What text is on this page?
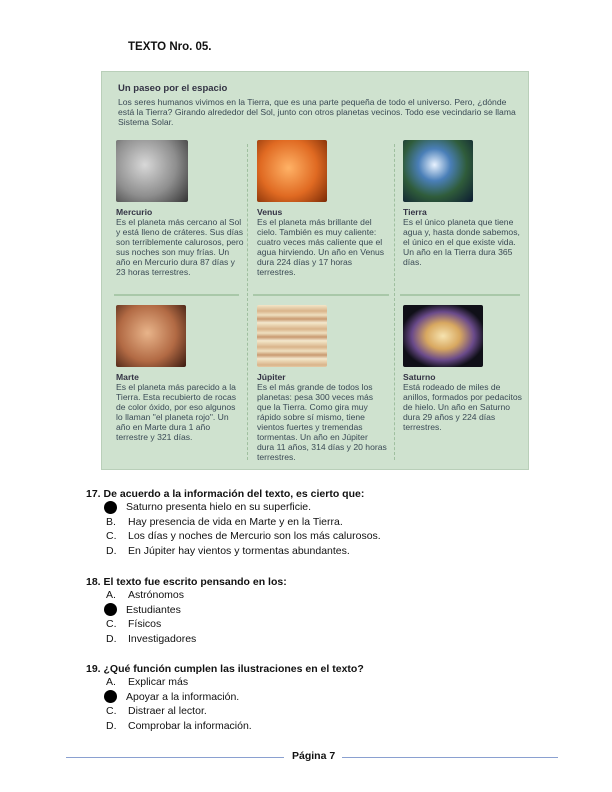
TEXTO Nro. 05.
Un paseo por el espacio
Los seres humanos vivimos en la Tierra, que es una parte pequeña de todo el universo. Pero, ¿dónde está la Tierra? Girando alrededor del Sol, junto con otros planetas vecinos. Todo ese vecindario se llama Sistema Solar.
Mercurio
Es el planeta más cercano al Sol y está lleno de cráteres. Sus días son terriblemente calurosos, pero sus noches son muy frías. Un año en Mercurio dura 87 días y 23 horas terrestres.
Venus
Es el planeta más brillante del cielo. También es muy caliente: cuatro veces más caliente que el agua hirviendo. Un año en Venus dura 224 días y 17 horas terrestres.
Tierra
Es el único planeta que tiene agua y, hasta donde sabemos, el único en el que existe vida. Un año en la Tierra dura 365 días.
Marte
Es el planeta más parecido a la Tierra. Esta recubierto de rocas de color óxido, por eso algunos lo llaman "el planeta rojo". Un año en Marte dura 1 año terrestre y 321 días.
Júpiter
Es el más grande de todos los planetas: pesa 300 veces más que la Tierra. Como gira muy rápido sobre sí mismo, tiene vientos fuertes y tremendas tormentas. Un año en Júpiter dura 11 años, 314 días y 20 horas terrestres.
Saturno
Está rodeado de miles de anillos, formados por pedacitos de hielo. Un año en Saturno dura 29 años y 224 días terrestres.
17. De acuerdo a la información del texto, es cierto que:
Saturno presenta hielo en su superficie.
B.	Hay presencia de vida en Marte y en la Tierra.
C.	Los días y noches de Mercurio son los más calurosos.
D.	En Júpiter hay vientos y tormentas abundantes.
18. El texto fue escrito pensando en los:
A.	Astrónomos
Estudiantes
C.	Físicos
D.	Investigadores
19. ¿Qué función cumplen las ilustraciones en el texto?
A.	Explicar más
Apoyar a la información.
C.	Distraer al lector.
D.	Comprobar la información.
Página 7
